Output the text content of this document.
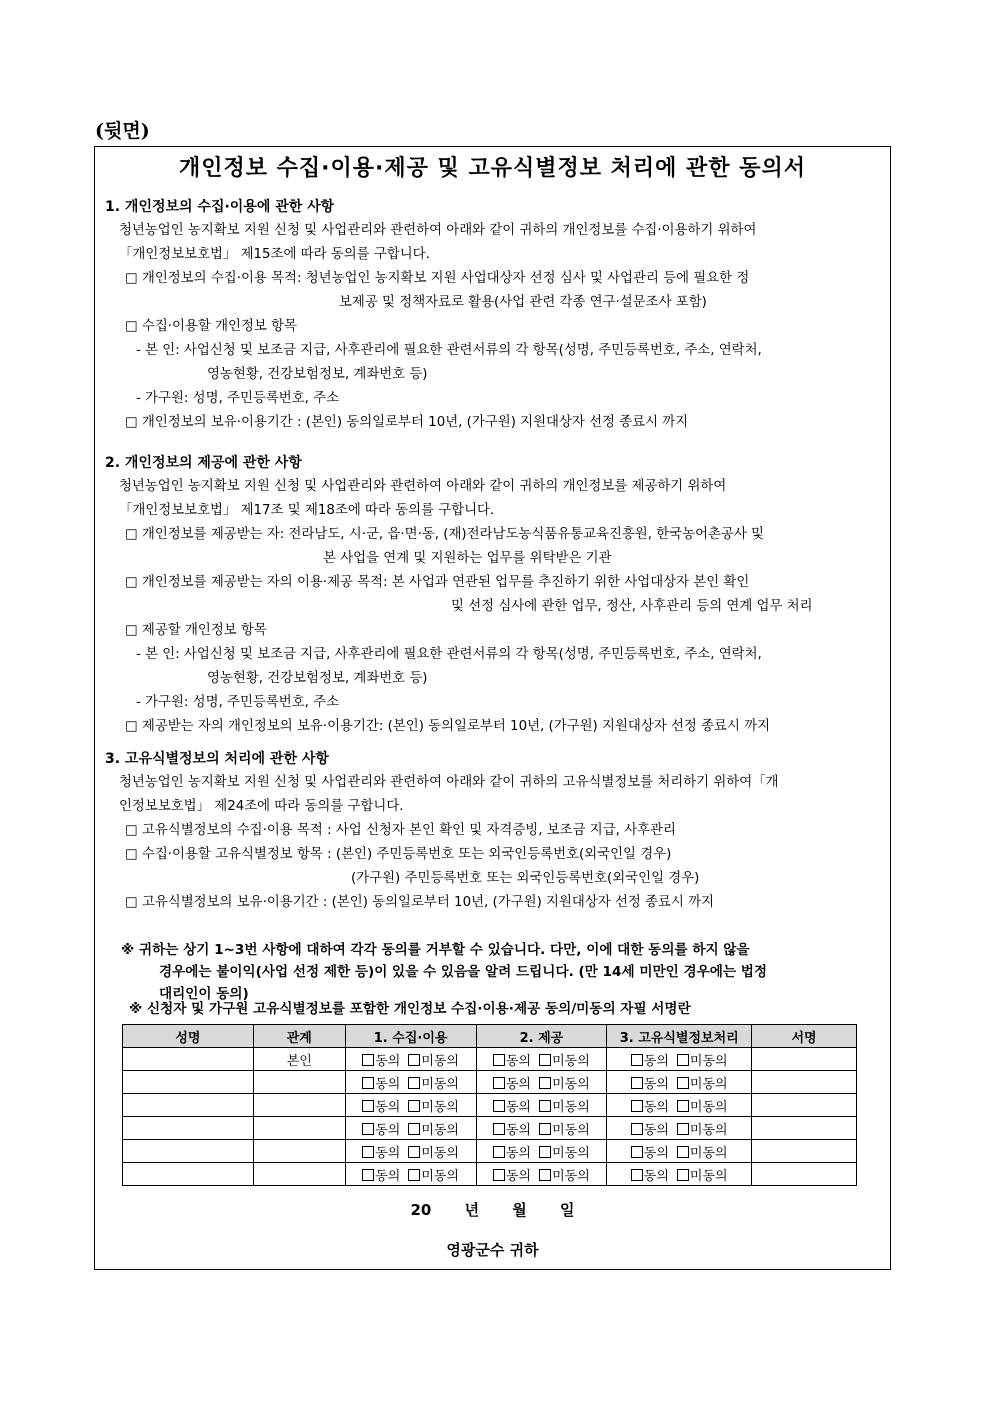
(뒷면)
개인정보 수집·이용·제공 및 고유식별정보 처리에 관한 동의서
1. 개인정보의 수집·이용에 관한 사항
청년농업인 농지확보 지원 신청 및 사업관리와 관련하여 아래와 같이 귀하의 개인정보를 수집·이용하기 위하여
「개인정보보호법」 제15조에 따라 동의를 구합니다.
□ 개인정보의 수집·이용 목적: 청년농업인 농지확보 지원 사업대상자 선정 심사 및 사업관리 등에 필요한 정
보제공 및 정책자료로 활용(사업 관련 각종 연구·설문조사 포함)
□ 수집·이용할 개인정보 항목
- 본 인: 사업신청 및 보조금 지급, 사후관리에 필요한 관련서류의 각 항목(성명, 주민등록번호, 주소, 연락처,
영농현황, 건강보험정보, 계좌번호 등)
- 가구원: 성명, 주민등록번호, 주소
□ 개인정보의 보유·이용기간 : (본인) 동의일로부터 10년, (가구원) 지원대상자 선정 종료시 까지
2. 개인정보의 제공에 관한 사항
청년농업인 농지확보 지원 신청 및 사업관리와 관련하여 아래와 같이 귀하의 개인정보를 제공하기 위하여
「개인정보보호법」 제17조 및 제18조에 따라 동의를 구합니다.
□ 개인정보를 제공받는 자: 전라남도, 시·군, 읍·면·동, (재)전라남도농식품유통교육진흥원, 한국농어촌공사 및
본 사업을 연계 및 지원하는 업무를 위탁받은 기관
□ 개인정보를 제공받는 자의 이용·제공 목적: 본 사업과 연관된 업무를 추진하기 위한 사업대상자 본인 확인
및 선정 심사에 관한 업무, 정산, 사후관리 등의 연계 업무 처리
□ 제공할 개인정보 항목
- 본 인: 사업신청 및 보조금 지급, 사후관리에 필요한 관련서류의 각 항목(성명, 주민등록번호, 주소, 연락처,
영농현황, 건강보험정보, 계좌번호 등)
- 가구원: 성명, 주민등록번호, 주소
□ 제공받는 자의 개인정보의 보유·이용기간: (본인) 동의일로부터 10년, (가구원) 지원대상자 선정 종료시 까지
3. 고유식별정보의 처리에 관한 사항
청년농업인 농지확보 지원 신청 및 사업관리와 관련하여 아래와 같이 귀하의 고유식별정보를 처리하기 위하여「개
인정보보호법」 제24조에 따라 동의를 구합니다.
□ 고유식별정보의 수집·이용 목적 : 사업 신청자 본인 확인 및 자격증빙, 보조금 지급, 사후관리
□ 수집·이용할 고유식별정보 항목 : (본인) 주민등록번호 또는 외국인등록번호(외국인일 경우)
(가구원) 주민등록번호 또는 외국인등록번호(외국인일 경우)
□ 고유식별정보의 보유·이용기간 : (본인) 동의일로부터 10년, (가구원) 지원대상자 선정 종료시 까지
※ 귀하는 상기 1~3번 사항에 대하여 각각 동의를 거부할 수 있습니다. 다만, 이에 대한 동의를 하지 않을
경우에는 불이익(사업 선정 제한 등)이 있을 수 있음을 알려 드립니다. (만 14세 미만인 경우에는 법정
대리인이 동의)
※ 신청자 및 가구원 고유식별정보를 포함한 개인정보 수집·이용·제공 동의/미동의 자필 서명란
성명	관계	1. 수집·이용	2. 제공	3. 고유식별정보처리	서명
	본인	동의 미동의	동의 미동의	동의 미동의	
		동의 미동의	동의 미동의	동의 미동의	
		동의 미동의	동의 미동의	동의 미동의	
		동의 미동의	동의 미동의	동의 미동의	
		동의 미동의	동의 미동의	동의 미동의	
		동의 미동의	동의 미동의	동의 미동의	
20 년 월 일
영광군수 귀하
